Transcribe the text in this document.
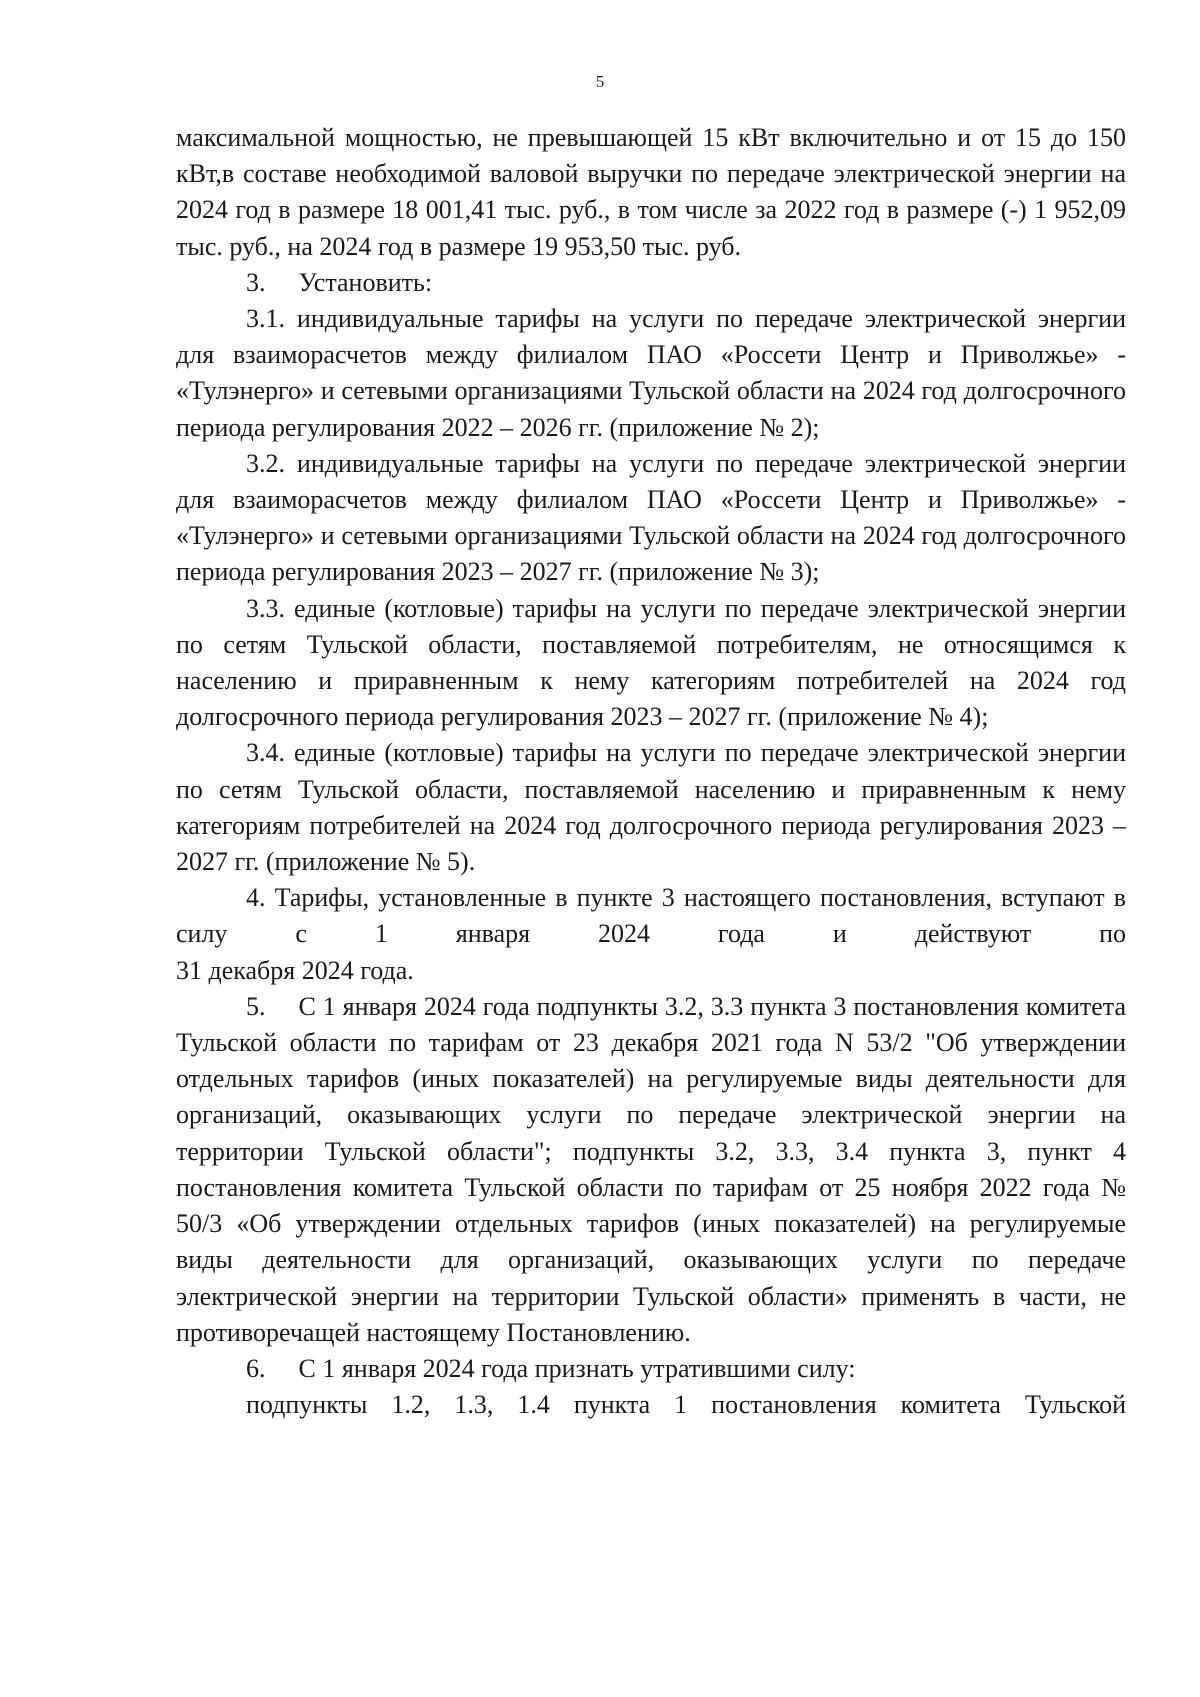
5

максимальной мощностью, не превышающей 15 кВт включительно и от 15 до 150 кВт,в составе необходимой валовой выручки по передаче электрической энергии на 2024 год в размере 18 001,41 тыс. руб., в том числе за 2022 год в размере (-) 1 952,09 тыс. руб., на 2024 год в размере 19 953,50 тыс. руб.

3. Установить:

3.1. индивидуальные тарифы на услуги по передаче электрической энергии для взаиморасчетов между филиалом ПАО «Россети Центр и Приволжье» - «Тулэнерго» и сетевыми организациями Тульской области на 2024 год долгосрочного периода регулирования 2022 – 2026 гг. (приложение № 2);

3.2. индивидуальные тарифы на услуги по передаче электрической энергии для взаиморасчетов между филиалом ПАО «Россети Центр и Приволжье» - «Тулэнерго» и сетевыми организациями Тульской области на 2024 год долгосрочного периода регулирования 2023 – 2027 гг. (приложение № 3);

3.3. единые (котловые) тарифы на услуги по передаче электрической энергии по сетям Тульской области, поставляемой потребителям, не относящимся к населению и приравненным к нему категориям потребителей на 2024 год долгосрочного периода регулирования 2023 – 2027 гг. (приложение № 4);

3.4. единые (котловые) тарифы на услуги по передаче электрической энергии по сетям Тульской области, поставляемой населению и приравненным к нему категориям потребителей на 2024 год долгосрочного периода регулирования 2023 – 2027 гг. (приложение № 5).

4. Тарифы, установленные в пункте 3 настоящего постановления, вступают в силу с 1 января 2024 года и действуют по

31 декабря 2024 года.

5. С 1 января 2024 года подпункты 3.2, 3.3 пункта 3 постановления комитета Тульской области по тарифам от 23 декабря 2021 года N 53/2 "Об утверждении отдельных тарифов (иных показателей) на регулируемые виды деятельности для организаций, оказывающих услуги по передаче электрической энергии на территории Тульской области"; подпункты 3.2, 3.3, 3.4 пункта 3, пункт 4 постановления комитета Тульской области по тарифам от 25 ноября 2022 года № 50/3 «Об утверждении отдельных тарифов (иных показателей) на регулируемые виды деятельности для организаций, оказывающих услуги по передаче электрической энергии на территории Тульской области» применять в части, не противоречащей настоящему Постановлению.

6. С 1 января 2024 года признать утратившими силу:

подпункты 1.2, 1.3, 1.4 пункта 1 постановления комитета Тульской
